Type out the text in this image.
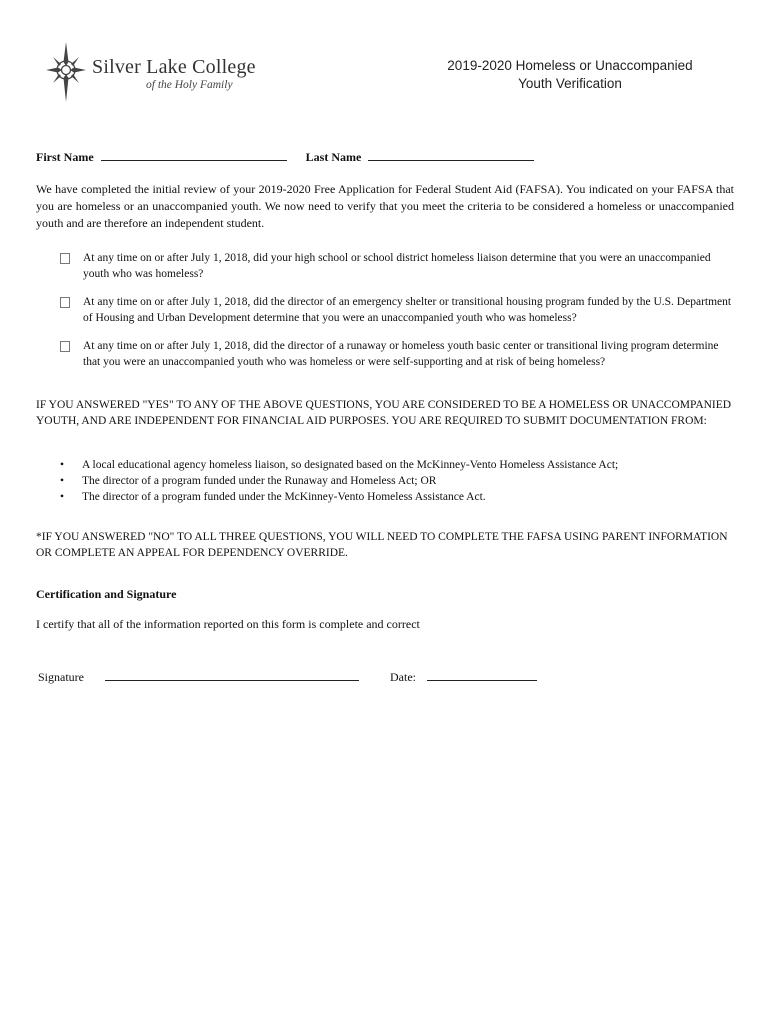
Silver Lake College
of the Holy Family
2019-2020 Homeless or Unaccompanied
Youth Verification
First Name	Last Name
We have completed the initial review of your 2019-2020 Free Application for Federal Student Aid (FAFSA). You indicated on your FAFSA that you are homeless or an unaccompanied youth. We now need to verify that you meet the criteria to be considered a homeless or unaccompanied youth and are therefore an independent student.
At any time on or after July 1, 2018, did your high school or school district homeless liaison determine that you were an unaccompanied youth who was homeless?
At any time on or after July 1, 2018, did the director of an emergency shelter or transitional housing program funded by the U.S. Department of Housing and Urban Development determine that you were an unaccompanied youth who was homeless?
At any time on or after July 1, 2018, did the director of a runaway or homeless youth basic center or transitional living program determine that you were an unaccompanied youth who was homeless or were self-supporting and at risk of being homeless?
IF YOU ANSWERED "YES" TO ANY OF THE ABOVE QUESTIONS, YOU ARE CONSIDERED TO BE A HOMELESS OR UNACCOMPANIED YOUTH, AND ARE INDEPENDENT FOR FINANCIAL AID PURPOSES. YOU ARE REQUIRED TO SUBMIT DOCUMENTATION FROM:
• A local educational agency homeless liaison, so designated based on the McKinney-Vento Homeless Assistance Act;
• The director of a program funded under the Runaway and Homeless Act; OR
• The director of a program funded under the McKinney-Vento Homeless Assistance Act.
*IF YOU ANSWERED "NO" TO ALL THREE QUESTIONS, YOU WILL NEED TO COMPLETE THE FAFSA USING PARENT INFORMATION OR COMPLETE AN APPEAL FOR DEPENDENCY OVERRIDE.
Certification and Signature
I certify that all of the information reported on this form is complete and correct
Signature	Date:
